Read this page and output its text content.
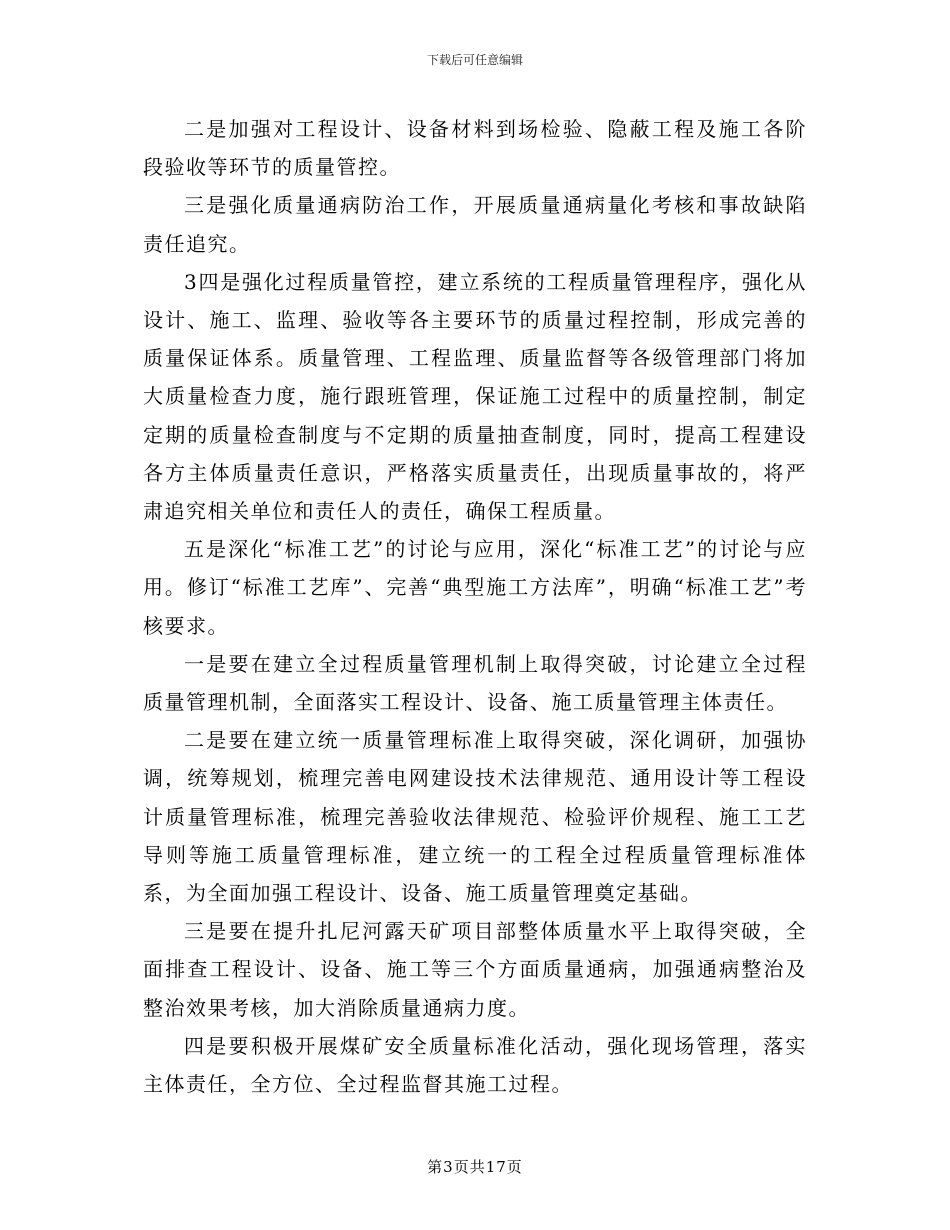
下载后可任意编辑

二是加强对工程设计、设备材料到场检验、隐蔽工程及施工各阶段验收等环节的质量管控。

三是强化质量通病防治工作，开展质量通病量化考核和事故缺陷责任追究。

3四是强化过程质量管控，建立系统的工程质量管理程序，强化从设计、施工、监理、验收等各主要环节的质量过程控制，形成完善的质量保证体系。质量管理、工程监理、质量监督等各级管理部门将加大质量检查力度，施行跟班管理，保证施工过程中的质量控制，制定定期的质量检查制度与不定期的质量抽查制度，同时，提高工程建设各方主体质量责任意识，严格落实质量责任，出现质量事故的，将严肃追究相关单位和责任人的责任，确保工程质量。

五是深化“标准工艺”的讨论与应用，深化“标准工艺”的讨论与应用。修订“标准工艺库”、完善“典型施工方法库”，明确“标准工艺”考核要求。

一是要在建立全过程质量管理机制上取得突破，讨论建立全过程质量管理机制，全面落实工程设计、设备、施工质量管理主体责任。

二是要在建立统一质量管理标准上取得突破，深化调研，加强协调，统筹规划，梳理完善电网建设技术法律规范、通用设计等工程设计质量管理标准，梳理完善验收法律规范、检验评价规程、施工工艺导则等施工质量管理标准，建立统一的工程全过程质量管理标准体系，为全面加强工程设计、设备、施工质量管理奠定基础。

三是要在提升扎尼河露天矿项目部整体质量水平上取得突破，全面排查工程设计、设备、施工等三个方面质量通病，加强通病整治及整治效果考核，加大消除质量通病力度。

四是要积极开展煤矿安全质量标准化活动，强化现场管理，落实主体责任，全方位、全过程监督其施工过程。

第3页共17页
